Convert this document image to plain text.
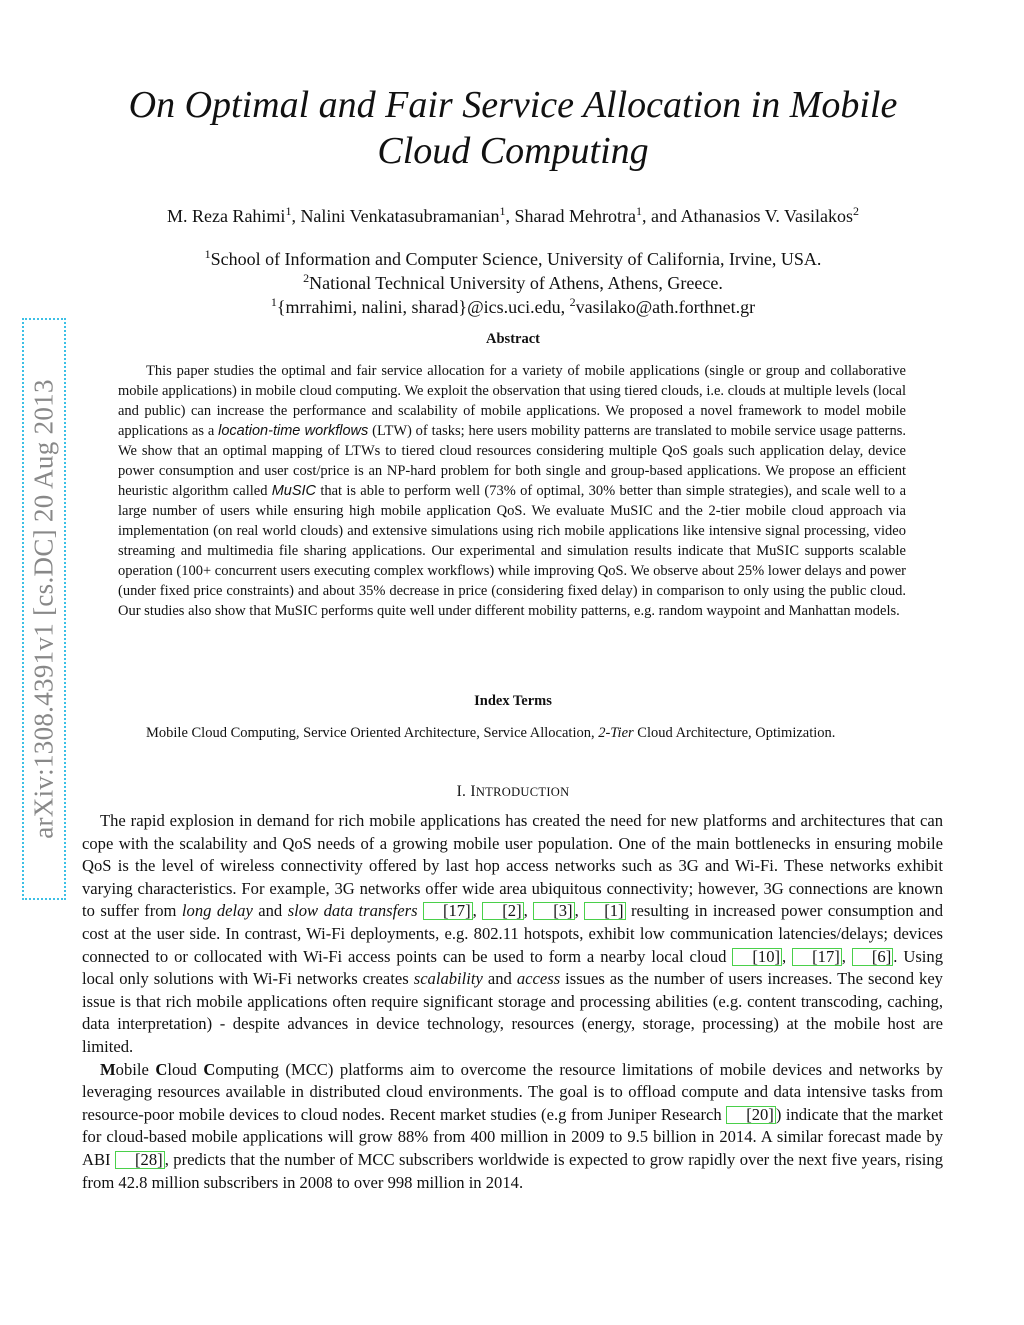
arXiv:1308.4391v1 [cs.DC] 20 Aug 2013
On Optimal and Fair Service Allocation in Mobile Cloud Computing
M. Reza Rahimi$^1$, Nalini Venkatasubramanian$^1$, Sharad Mehrotra$^1$, and Athanasios V. Vasilakos$^2$
$^1$School of Information and Computer Science, University of California, Irvine, USA.
$^2$National Technical University of Athens, Athens, Greece.
$^1${mrrahimi, nalini, sharad}@ics.uci.edu, $^2$vasilako@ath.forthnet.gr
Abstract

This paper studies the optimal and fair service allocation for a variety of mobile applications (single or group and collaborative mobile applications) in mobile cloud computing. We exploit the observation that using tiered clouds, i.e. clouds at multiple levels (local and public) can increase the performance and scalability of mobile applications. We proposed a novel framework to model mobile applications as a location-time workflows (LTW) of tasks; here users mobility patterns are translated to mobile service usage patterns. We show that an optimal mapping of LTWs to tiered cloud resources considering multiple QoS goals such application delay, device power consumption and user cost/price is an NP-hard problem for both single and group-based applications. We propose an efficient heuristic algorithm called MuSIC that is able to perform well (73% of optimal, 30% better than simple strategies), and scale well to a large number of users while ensuring high mobile application QoS. We evaluate MuSIC and the 2-tier mobile cloud approach via implementation (on real world clouds) and extensive simulations using rich mobile applications like intensive signal processing, video streaming and multimedia file sharing applications. Our experimental and simulation results indicate that MuSIC supports scalable operation (100+ concurrent users executing complex workflows) while improving QoS. We observe about 25% lower delays and power (under fixed price constraints) and about 35% decrease in price (considering fixed delay) in comparison to only using the public cloud. Our studies also show that MuSIC performs quite well under different mobility patterns, e.g. random waypoint and Manhattan models.

Index Terms

Mobile Cloud Computing, Service Oriented Architecture, Service Allocation, 2-Tier Cloud Architecture, Optimization.

I. INTRODUCTION

The rapid explosion in demand for rich mobile applications has created the need for new platforms and architectures that can cope with the scalability and QoS needs of a growing mobile user population. One of the main bottlenecks in ensuring mobile QoS is the level of wireless connectivity offered by last hop access networks such as 3G and Wi-Fi. These networks exhibit varying characteristics. For example, 3G networks offer wide area ubiquitous connectivity; however, 3G connections are known to suffer from long delay and slow data transfers [17] , [2] , [3] , [1] resulting in increased power consumption and cost at the user side. In contrast, Wi-Fi deployments, e.g. 802.11 hotspots, exhibit low communication latencies/delays; devices connected to or collocated with Wi-Fi access points can be used to form a nearby local cloud [10] , [17] , [6] . Using local only solutions with Wi-Fi networks creates scalability and access issues as the number of users increases. The second key issue is that rich mobile applications often require significant storage and processing abilities (e.g. content transcoding, caching, data interpretation) - despite advances in device technology, resources (energy, storage, processing) at the mobile host are limited.

Mobile Cloud Computing (MCC) platforms aim to overcome the resource limitations of mobile devices and networks by leveraging resources available in distributed cloud environments. The goal is to offload compute and data intensive tasks from resource-poor mobile devices to cloud nodes. Recent market studies (e.g from Juniper Research [20] ) indicate that the market for cloud-based mobile applications will grow 88% from 400 million in 2009 to 9.5 billion in 2014. A similar forecast made by ABI [28] , predicts that the number of MCC subscribers worldwide is expected to grow rapidly over the next five years, rising from 42.8 million subscribers in 2008 to over 998 million in 2014.
